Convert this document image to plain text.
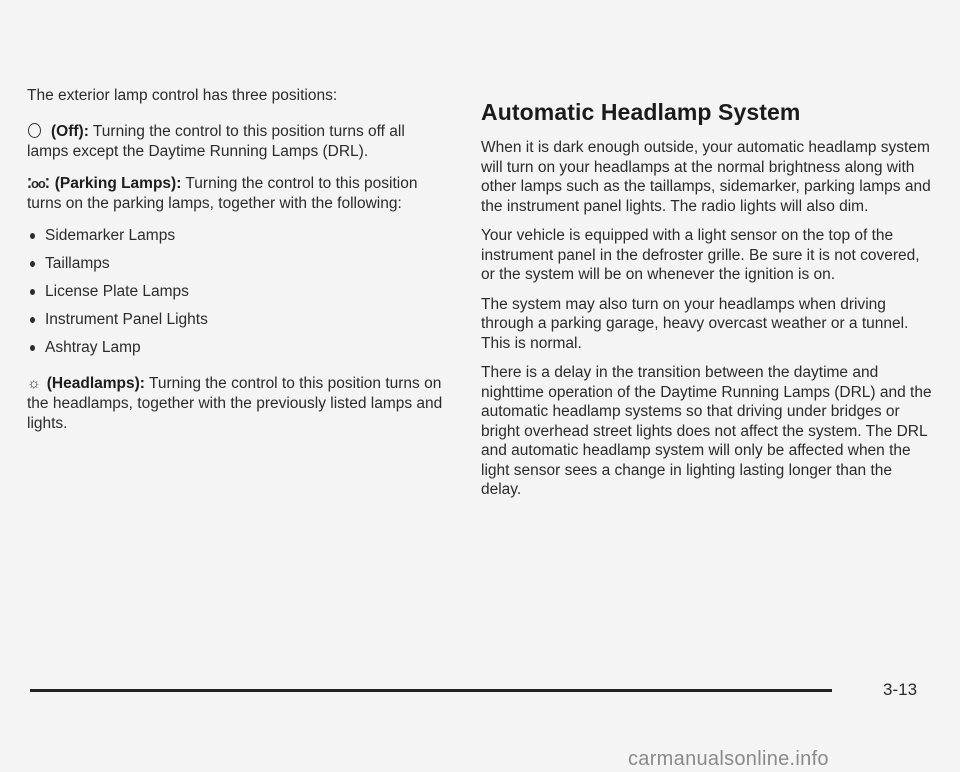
The exterior lamp control has three positions:

(Off): Turning the control to this position turns off all lamps except the Daytime Running Lamps (DRL).

⁚oo⁚ (Parking Lamps): Turning the control to this position turns on the parking lamps, together with the following:

Sidemarker Lamps
Taillamps
License Plate Lamps
Instrument Panel Lights
Ashtray Lamp

☼ (Headlamps): Turning the control to this position turns on the headlamps, together with the previously listed lamps and lights.

Automatic Headlamp System

When it is dark enough outside, your automatic headlamp system will turn on your headlamps at the normal brightness along with other lamps such as the taillamps, sidemarker, parking lamps and the instrument panel lights. The radio lights will also dim.

Your vehicle is equipped with a light sensor on the top of the instrument panel in the defroster grille. Be sure it is not covered, or the system will be on whenever the ignition is on.

The system may also turn on your headlamps when driving through a parking garage, heavy overcast weather or a tunnel. This is normal.

There is a delay in the transition between the daytime and nighttime operation of the Daytime Running Lamps (DRL) and the automatic headlamp systems so that driving under bridges or bright overhead street lights does not affect the system. The DRL and automatic headlamp system will only be affected when the light sensor sees a change in lighting lasting longer than the delay.

3-13
carmanualsonline.info
